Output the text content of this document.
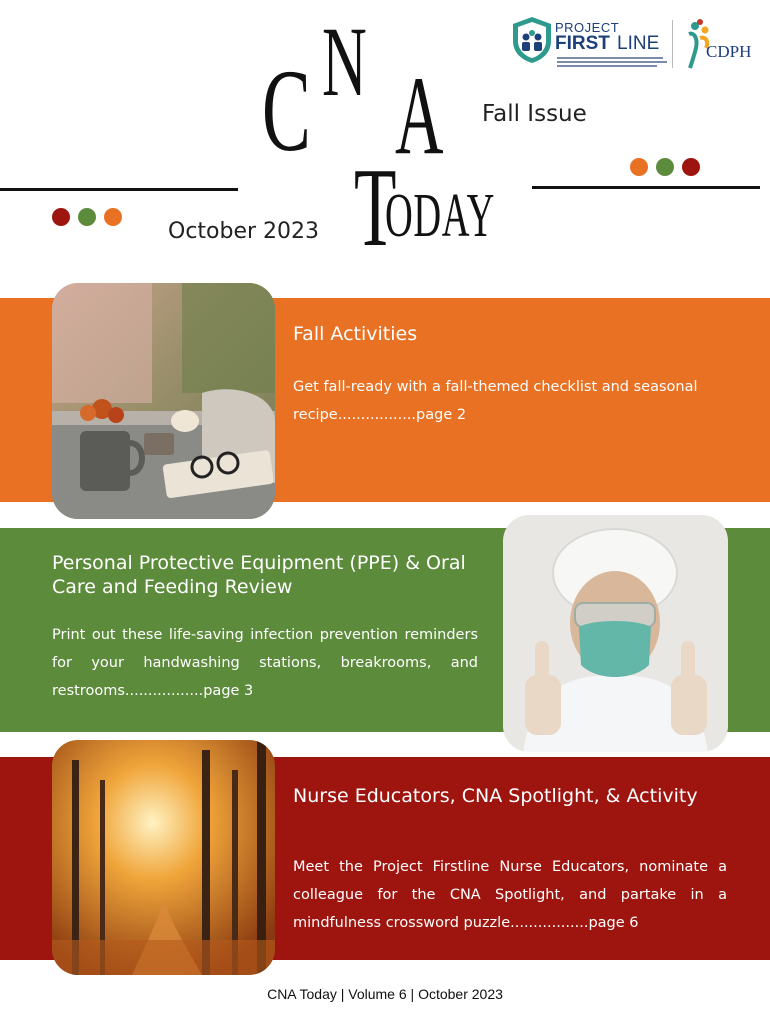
C N A
T
ODAY
Fall Issue
October 2023
PROJECT
FIRST LINE	CDPH
Fall Activities
Get fall-ready with a fall-themed checklist and seasonal recipe.................page 2
Personal Protective Equipment (PPE) & Oral Care and Feeding Review
Print out these life-saving infection prevention reminders for your handwashing stations, breakrooms, and restrooms.................page 3
Nurse Educators, CNA Spotlight, & Activity
Meet the Project Firstline Nurse Educators, nominate a colleague for the CNA Spotlight, and partake in a mindfulness crossword puzzle.................page 6
CNA Today | Volume 6 | October 2023
